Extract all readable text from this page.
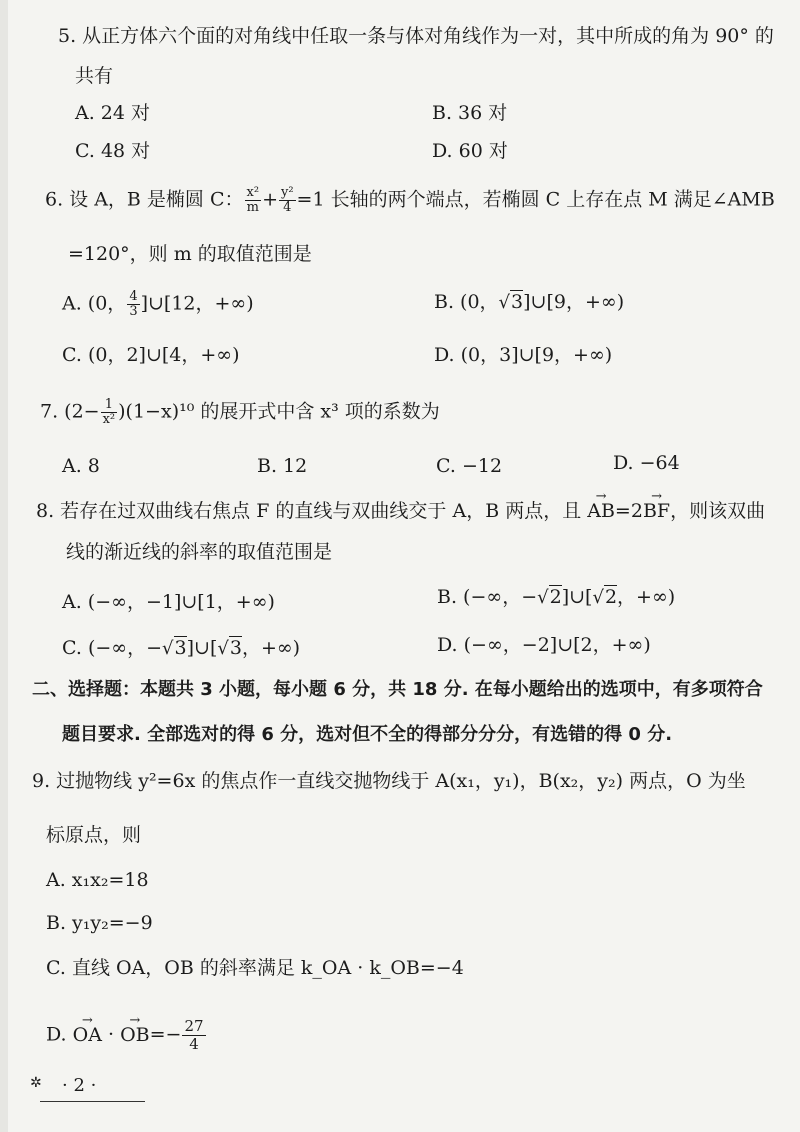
5. 从正方体六个面的对角线中任取一条与体对角线作为一对，其中所成的角为 90° 的
共有
A. 24 对	B. 36 对
C. 48 对	D. 60 对
6. 设 A，B 是椭圆 C： $\frac{\text{x²}}{m} + \frac{\text{y²}}{4} =1$ 长轴的两个端点，若椭圆 C 上存在点 M 满足∠AMB
=120°，则 m 的取值范围是
A. (0， $\frac{4}{3}$ ]∪[12，+∞)	B. (0，√3]∪[9，+∞)
C. (0，2]∪[4，+∞)	D. (0，3]∪[9，+∞)
7. $(2- \frac{1}{\text{x²}} )(1-x)^{10}$ 的展开式中含 x³ 项的系数为
A. 8	B. 12	C. −12	D. −64
8. 若存在过双曲线右焦点 F 的直线与双曲线交于 A，B 两点，且 → AB=2→ BF，则该双曲
线的渐近线的斜率的取值范围是
A. (−∞，−1]∪[1，+∞)	B. (−∞，−√2]∪[√2，+∞)
C. (−∞，−√3]∪[√3，+∞)	D. (−∞，−2]∪[2，+∞)
二、选择题：本题共 3 小题，每小题 6 分，共 18 分. 在每小题给出的选项中，有多项符合
题目要求. 全部选对的得 6 分，选对但不全的得部分分分，有选错的得 0 分.
9. 过抛物线 y²=6x 的焦点作一直线交抛物线于 A(x₁，y₁)，B(x₂，y₂) 两点，O 为坐
标原点，则
A. x₁x₂=18
B. y₁y₂=−9
C. 直线 OA，OB 的斜率满足 k_OA · k_OB=−4
D. → OA · → $OB=- \frac{27}{4}$
✲ · 2 ·
